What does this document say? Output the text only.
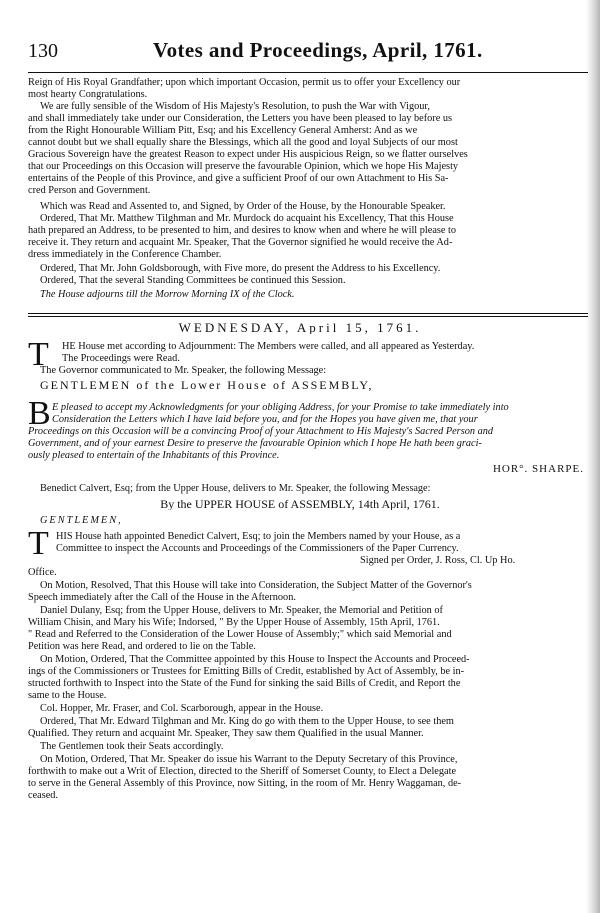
130	Votes and Proceedings, April, 1761.
Reign of His Royal Grandfather; upon which important Occasion, permit us to offer your Excellency our
most hearty Congratulations.
We are fully sensible of the Wisdom of His Majesty's Resolution, to push the War with Vigour,
and shall immediately take under our Consideration, the Letters you have been pleased to lay before us
from the Right Honourable William Pitt, Esq; and his Excellency General Amherst: And as we
cannot doubt but we shall equally share the Blessings, which all the good and loyal Subjects of our most
Gracious Sovereign have the greatest Reason to expect under His auspicious Reign, so we flatter ourselves
that our Proceedings on this Occasion will preserve the favourable Opinion, which we hope His Majesty
entertains of the People of this Province, and give a sufficient Proof of our own Attachment to His Sa-
cred Person and Government.
Which was Read and Assented to, and Signed, by Order of the House, by the Honourable Speaker.
Ordered, That Mr. Matthew Tilghman and Mr. Murdock do acquaint his Excellency, That this House
hath prepared an Address, to be presented to him, and desires to know when and where he will please to
receive it. They return and acquaint Mr. Speaker, That the Governor signified he would receive the Ad-
dress immediately in the Conference Chamber.
Ordered, That Mr. John Goldsborough, with Five more, do present the Address to his Excellency.
Ordered, That the several Standing Committees be continued this Session.
The House adjourns till the Morrow Morning IX of the Clock.
WEDNESDAY, April 15, 1761.
T HE House met according to Adjournment: The Members were called, and all appeared as Yesterday.
The Proceedings were Read.
The Governor communicated to Mr. Speaker, the following Message:
GENTLEMEN of the Lower House of ASSEMBLY,
B E pleased to accept my Acknowledgments for your obliging Address, for your Promise to take immediately into
Consideration the Letters which I have laid before you, and for the Hopes you have given me, that your
Proceedings on this Occasion will be a convincing Proof of your Attachment to His Majesty's Sacred Person and
Government, and of your earnest Desire to preserve the favourable Opinion which I hope He hath been graci-
ously pleased to entertain of the Inhabitants of this Province.
HOR°. SHARPE.
Benedict Calvert, Esq; from the Upper House, delivers to Mr. Speaker, the following Message:
By the UPPER HOUSE of ASSEMBLY, 14th April, 1761.
GENTLEMEN,
T HIS House hath appointed Benedict Calvert, Esq; to join the Members named by your House, as a
Committee to inspect the Accounts and Proceedings of the Commissioners of the Paper Currency.
Signed per Order, J. Ross, Cl. Up Ho.
Office.
On Motion, Resolved, That this House will take into Consideration, the Subject Matter of the Governor's
Speech immediately after the Call of the House in the Afternoon.
Daniel Dulany, Esq; from the Upper House, delivers to Mr. Speaker, the Memorial and Petition of
William Chisin, and Mary his Wife; Indorsed, " By the Upper House of Assembly, 15th April, 1761.
" Read and Referred to the Consideration of the Lower House of Assembly;" which said Memorial and
Petition was here Read, and ordered to lie on the Table.
On Motion, Ordered, That the Committee appointed by this House to Inspect the Accounts and Proceed-
ings of the Commissioners or Trustees for Emitting Bills of Credit, established by Act of Assembly, be in-
structed forthwith to Inspect into the State of the Fund for sinking the said Bills of Credit, and Report the
same to the House.
Col. Hopper, Mr. Fraser, and Col. Scarborough, appear in the House.
Ordered, That Mr. Edward Tilghman and Mr. King do go with them to the Upper House, to see them
Qualified. They return and acquaint Mr. Speaker, They saw them Qualified in the usual Manner.
The Gentlemen took their Seats accordingly.
On Motion, Ordered, That Mr. Speaker do issue his Warrant to the Deputy Secretary of this Province,
forthwith to make out a Writ of Election, directed to the Sheriff of Somerset County, to Elect a Delegate
to serve in the General Assembly of this Province, now Sitting, in the room of Mr. Henry Waggaman, de-
ceased.
